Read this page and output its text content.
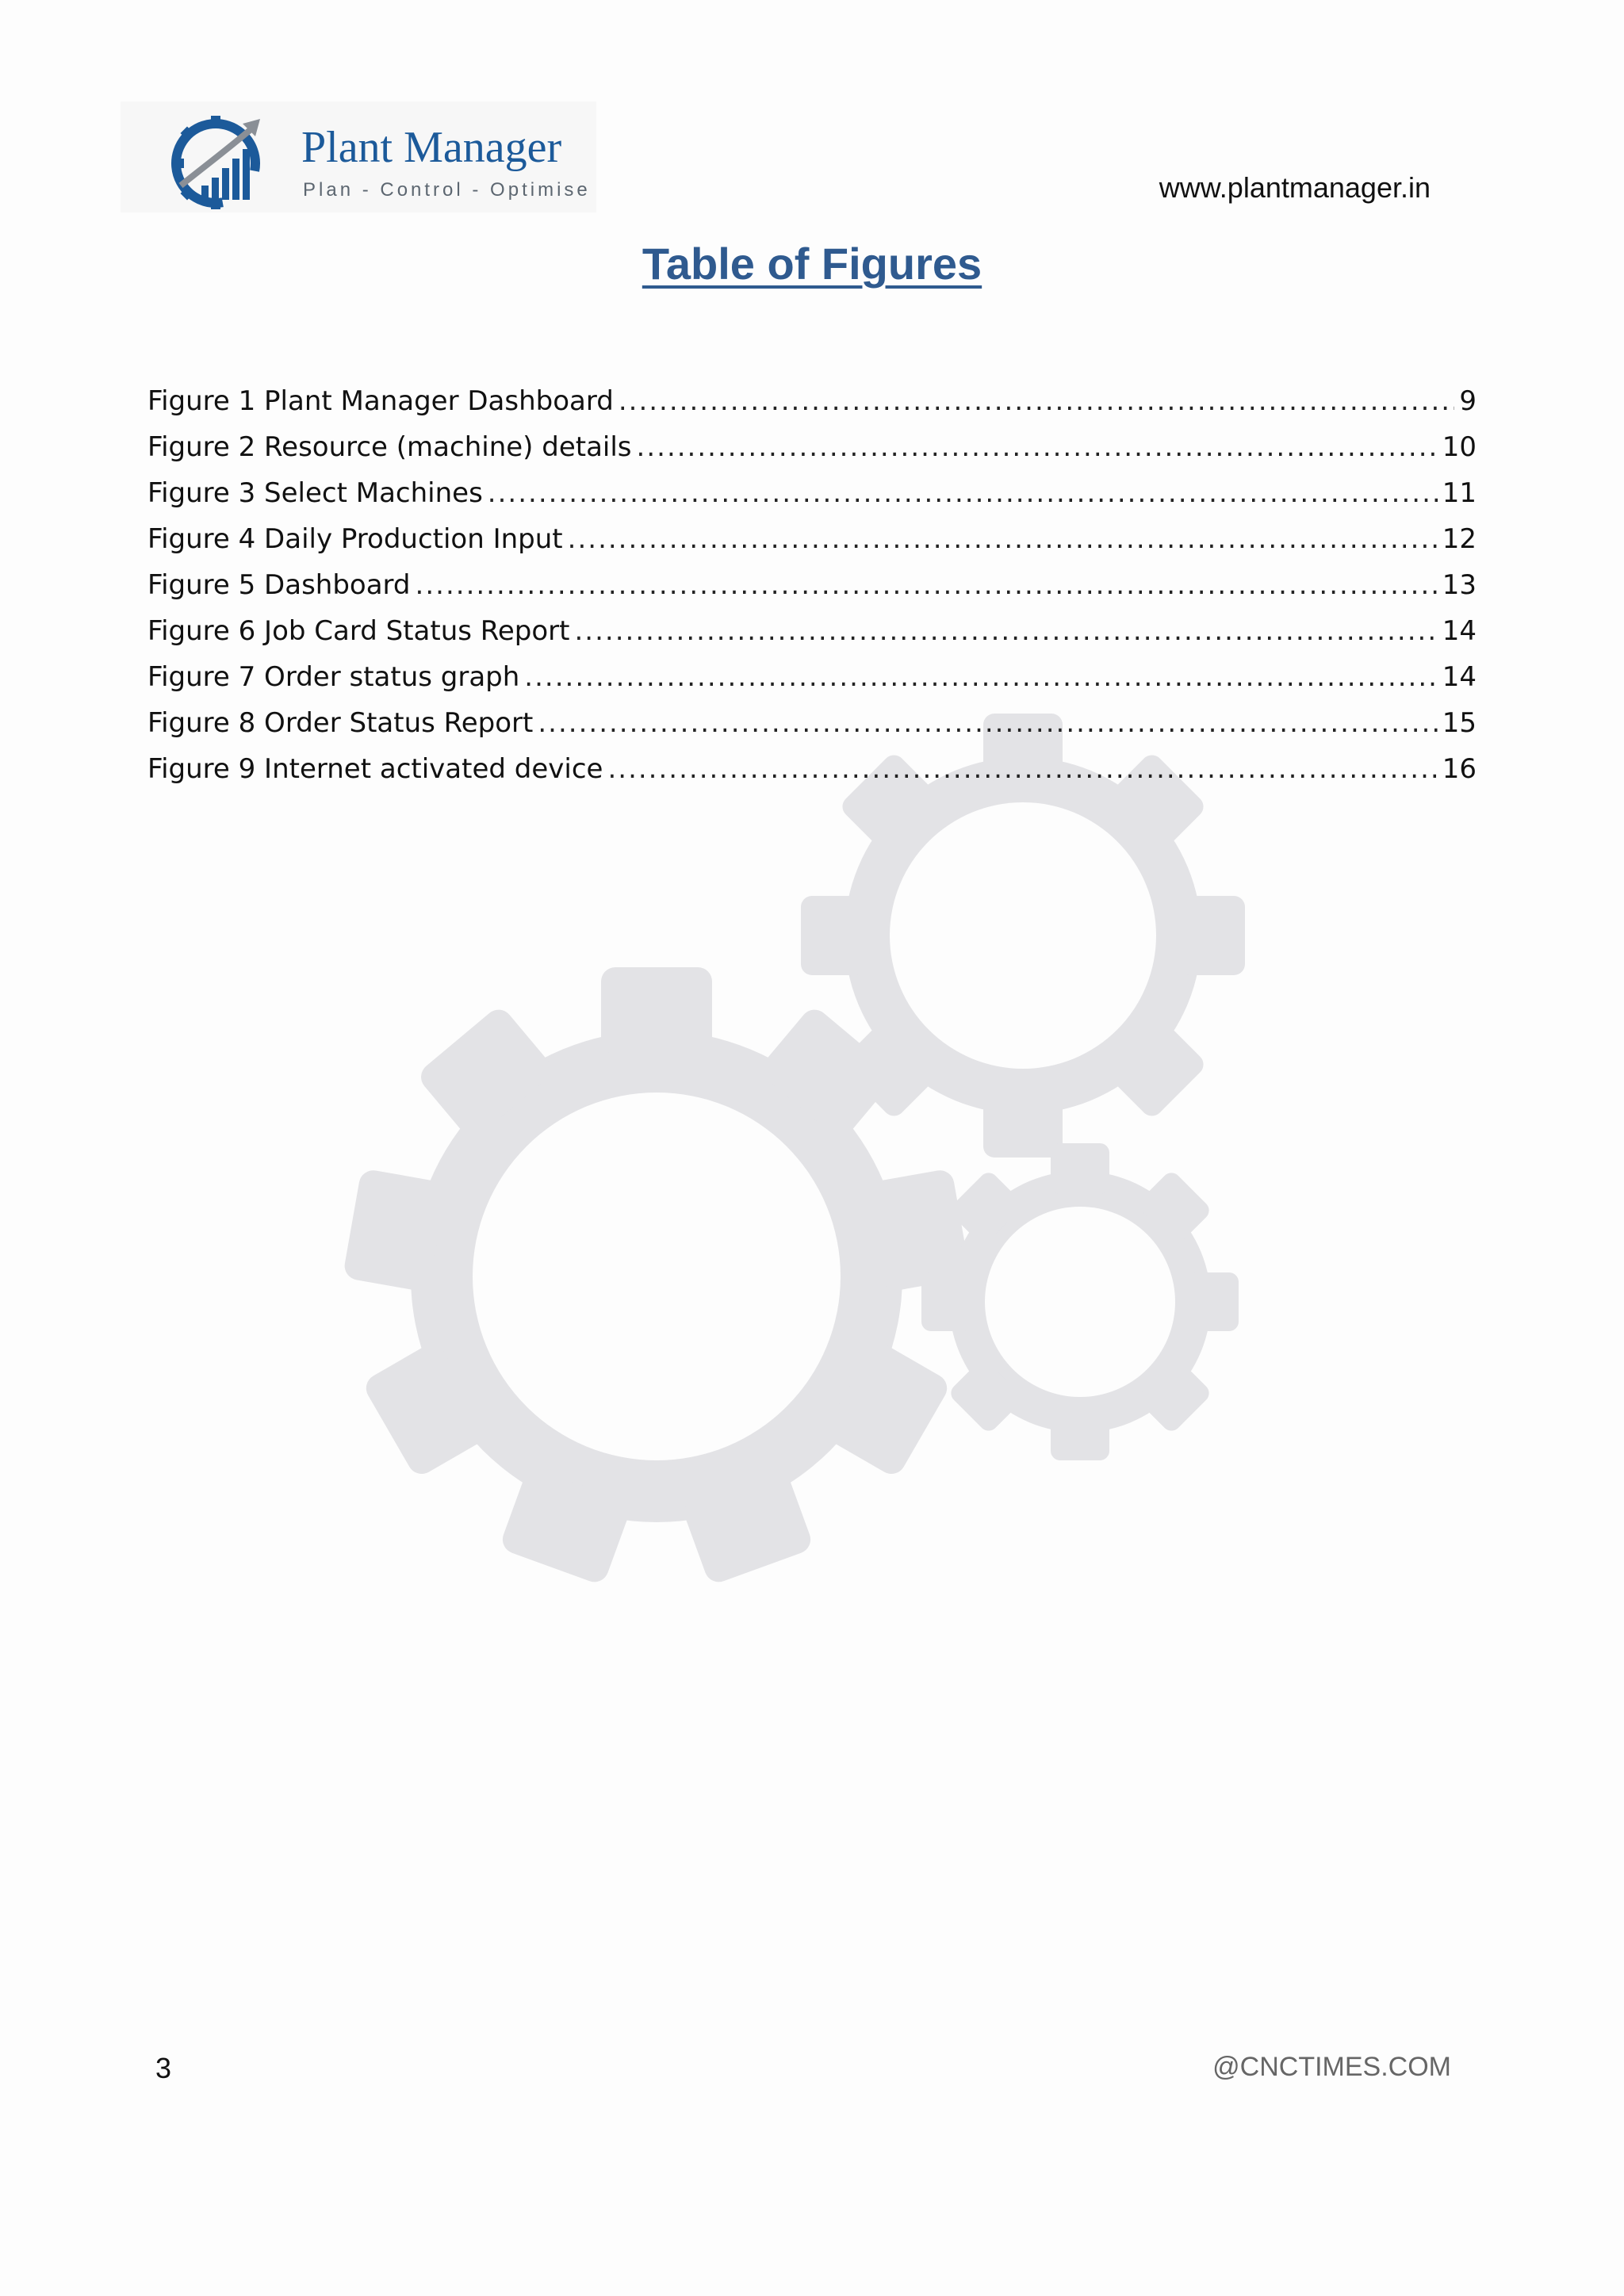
Plant Manager
Plan - Control - Optimise	www.plantmanager.in
Table of Figures
Figure 1 Plant Manager Dashboard .....	9
Figure 2 Resource (machine) details .....	10
Figure 3 Select Machines .....	11
Figure 4 Daily Production Input .....	12
Figure 5 Dashboard .....	13
Figure 6 Job Card Status Report .....	14
Figure 7 Order status graph .....	14
Figure 8 Order Status Report .....	15
Figure 9 Internet activated device .....	16
3	@CNCTIMES.COM
